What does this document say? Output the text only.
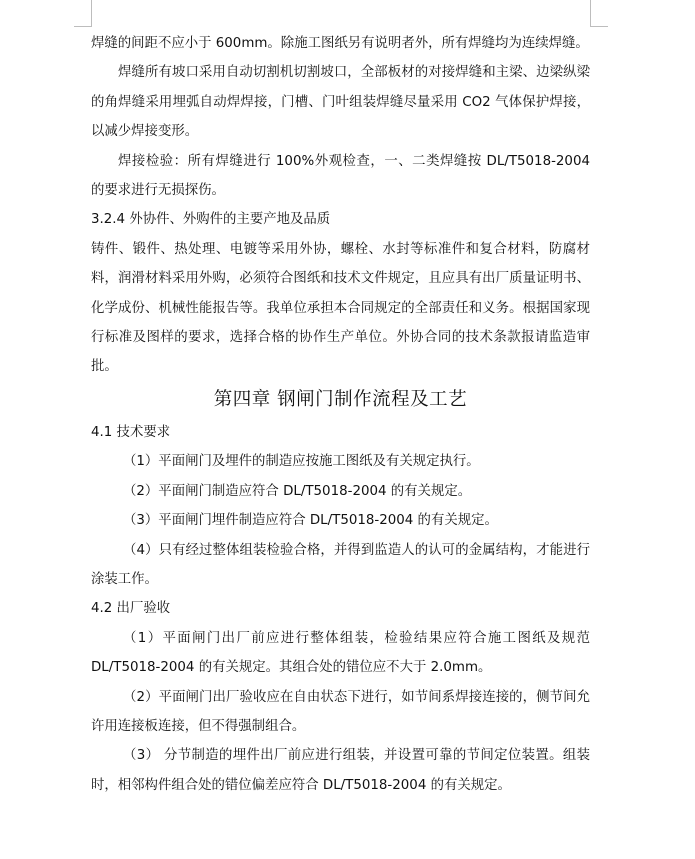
焊缝的间距不应小于 600mm。除施工图纸另有说明者外，所有焊缝均为连续焊缝。

焊缝所有坡口采用自动切割机切割坡口，全部板材的对接焊缝和主梁、边梁纵梁的角焊缝采用埋弧自动焊焊接，门槽、门叶组装焊缝尽量采用 CO2 气体保护焊接，以减少焊接变形。

焊接检验：所有焊缝进行 100%外观检查，一、二类焊缝按 DL/T5018-2004 的要求进行无损探伤。

3.2.4 外协件、外购件的主要产地及品质

铸件、锻件、热处理、电镀等采用外协，螺栓、水封等标准件和复合材料，防腐材料，润滑材料采用外购，必须符合图纸和技术文件规定，且应具有出厂质量证明书、化学成份、机械性能报告等。我单位承担本合同规定的全部责任和义务。根据国家现行标准及图样的要求，选择合格的协作生产单位。外协合同的技术条款报请监造审批。

第四章 钢闸门制作流程及工艺

4.1 技术要求

（1）平面闸门及埋件的制造应按施工图纸及有关规定执行。

（2）平面闸门制造应符合 DL/T5018-2004 的有关规定。

（3）平面闸门埋件制造应符合 DL/T5018-2004 的有关规定。

（4）只有经过整体组装检验合格，并得到监造人的认可的金属结构，才能进行涂装工作。

4.2 出厂验收

（1）平面闸门出厂前应进行整体组装，检验结果应符合施工图纸及规范 DL/T5018-2004 的有关规定。其组合处的错位应不大于 2.0mm。

（2）平面闸门出厂验收应在自由状态下进行，如节间系焊接连接的，侧节间允许用连接板连接，但不得强制组合。

（3） 分节制造的埋件出厂前应进行组装，并设置可靠的节间定位装置。组装时，相邻构件组合处的错位偏差应符合 DL/T5018-2004 的有关规定。
